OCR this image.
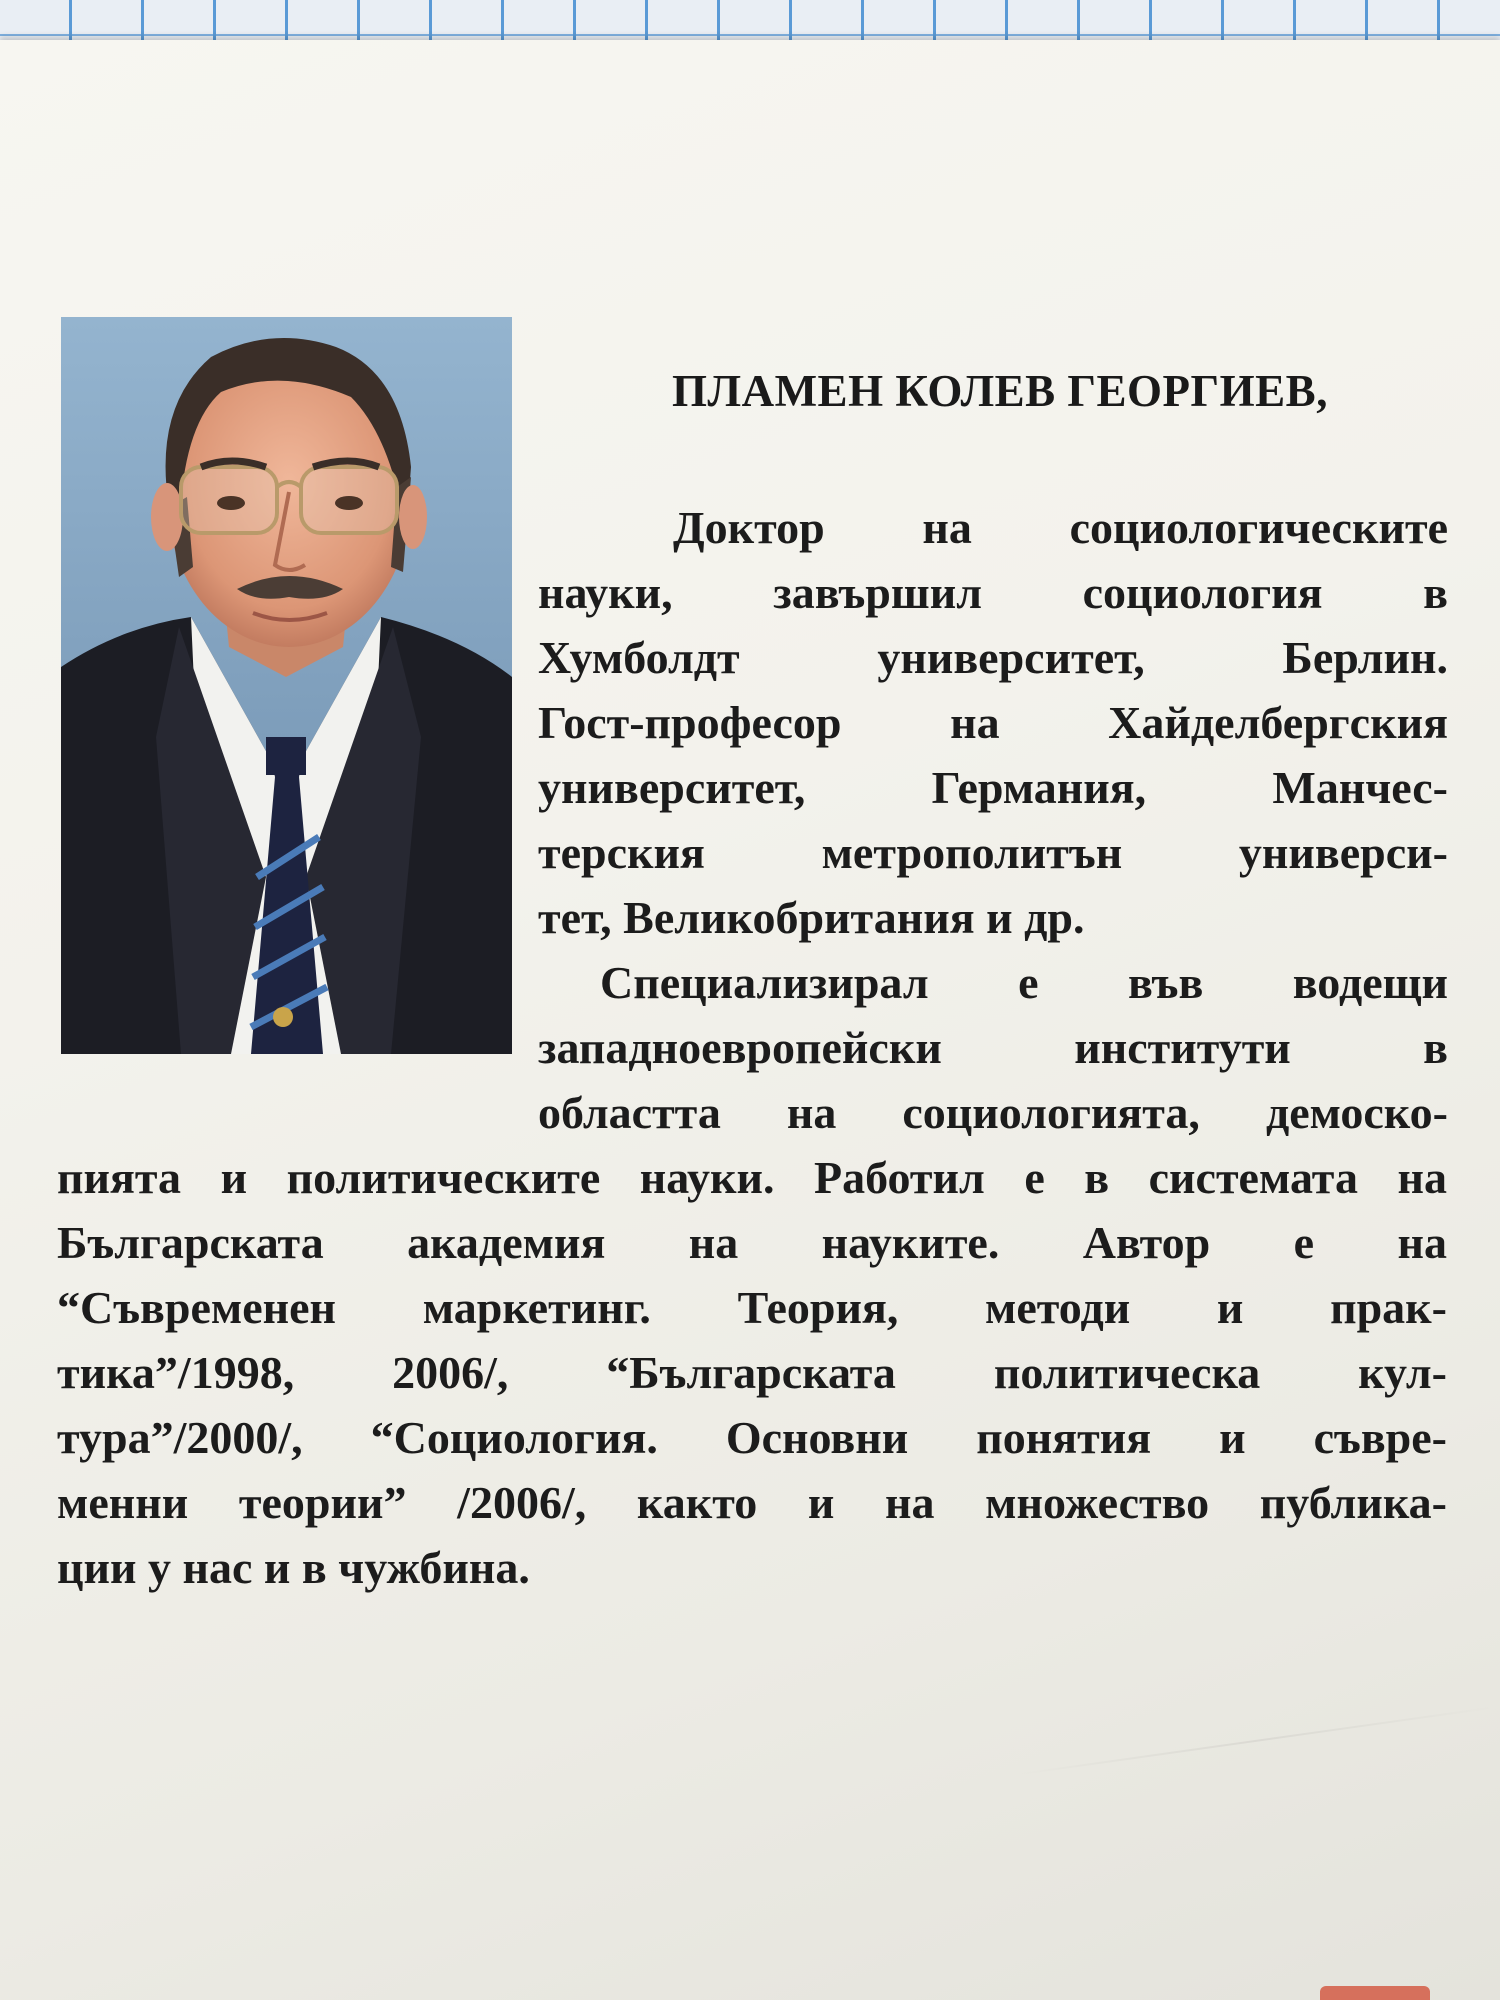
ПЛАМЕН КОЛЕВ ГЕОРГИЕВ,

Доктор на социологическите

науки, завършил социология в

Хумболдт университет, Берлин.

Гост-професор на Хайделбергския

университет, Германия, Манчес-

терския метрополитън универси-

тет, Великобритания и др.

Специализирал е във водещи

западноевропейски институти в

областта на социологията, демоско-

пията и политическите науки. Работил е в системата на

Българската академия на науките. Автор е на

“Съвременен маркетинг. Теория, методи и прак-

тика”/1998, 2006/, “Българската политическа кул-

тура”/2000/, “Социология. Основни понятия и съвре-

менни теории” /2006/, както и на множество публика-

ции у нас и в чужбина.
